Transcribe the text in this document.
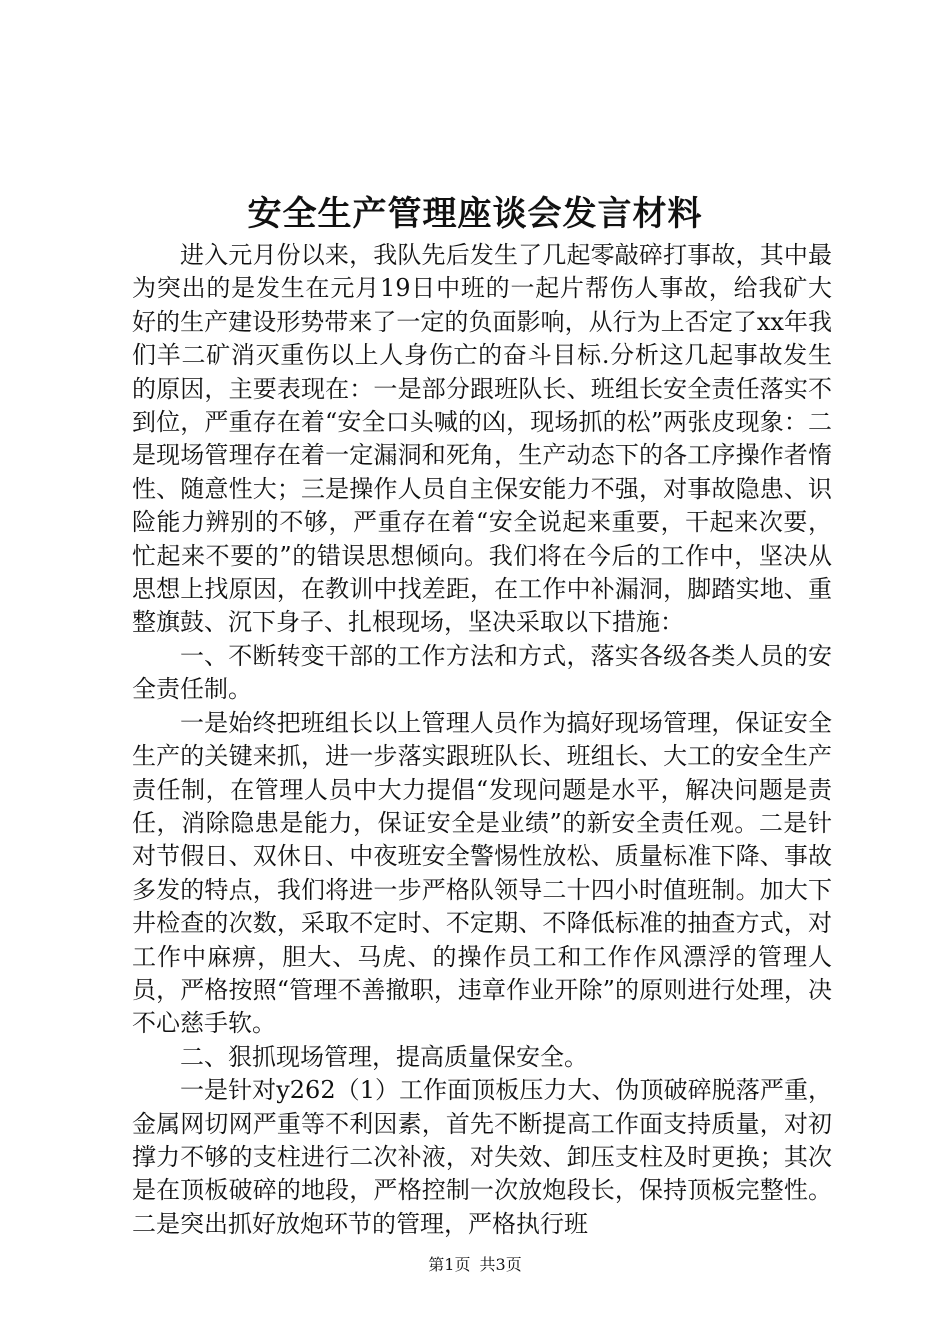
安全生产管理座谈会发言材料

进入元月份以来，我队先后发生了几起零敲碎打事故，其中最为突出的是发生在元月19日中班的一起片帮伤人事故，给我矿大好的生产建设形势带来了一定的负面影响，从行为上否定了xx年我们羊二矿消灭重伤以上人身伤亡的奋斗目标.分析这几起事故发生的原因，主要表现在：一是部分跟班队长、班组长安全责任落实不到位，严重存在着“安全口头喊的凶，现场抓的松”两张皮现象：二是现场管理存在着一定漏洞和死角，生产动态下的各工序操作者惰性、随意性大；三是操作人员自主保安能力不强，对事故隐患、识险能力辨别的不够，严重存在着“安全说起来重要，干起来次要，忙起来不要的”的错误思想倾向。我们将在今后的工作中，坚决从思想上找原因，在教训中找差距，在工作中补漏洞，脚踏实地、重整旗鼓、沉下身子、扎根现场，坚决采取以下措施：

一、不断转变干部的工作方法和方式，落实各级各类人员的安全责任制。

一是始终把班组长以上管理人员作为搞好现场管理，保证安全生产的关键来抓，进一步落实跟班队长、班组长、大工的安全生产责任制，在管理人员中大力提倡“发现问题是水平，解决问题是责任，消除隐患是能力，保证安全是业绩”的新安全责任观。二是针对节假日、双休日、中夜班安全警惕性放松、质量标准下降、事故多发的特点，我们将进一步严格队领导二十四小时值班制。加大下井检查的次数，采取不定时、不定期、不降低标准的抽查方式，对工作中麻痹，胆大、马虎、的操作员工和工作作风漂浮的管理人员，严格按照“管理不善撤职，违章作业开除”的原则进行处理，决不心慈手软。

二、狠抓现场管理，提高质量保安全。

一是针对y262（1）工作面顶板压力大、伪顶破碎脱落严重，金属网切网严重等不利因素，首先不断提高工作面支持质量，对初撑力不够的支柱进行二次补液，对失效、卸压支柱及时更换；其次是在顶板破碎的地段，严格控制一次放炮段长，保持顶板完整性。二是突出抓好放炮环节的管理，严格执行班

第1页 共3页
